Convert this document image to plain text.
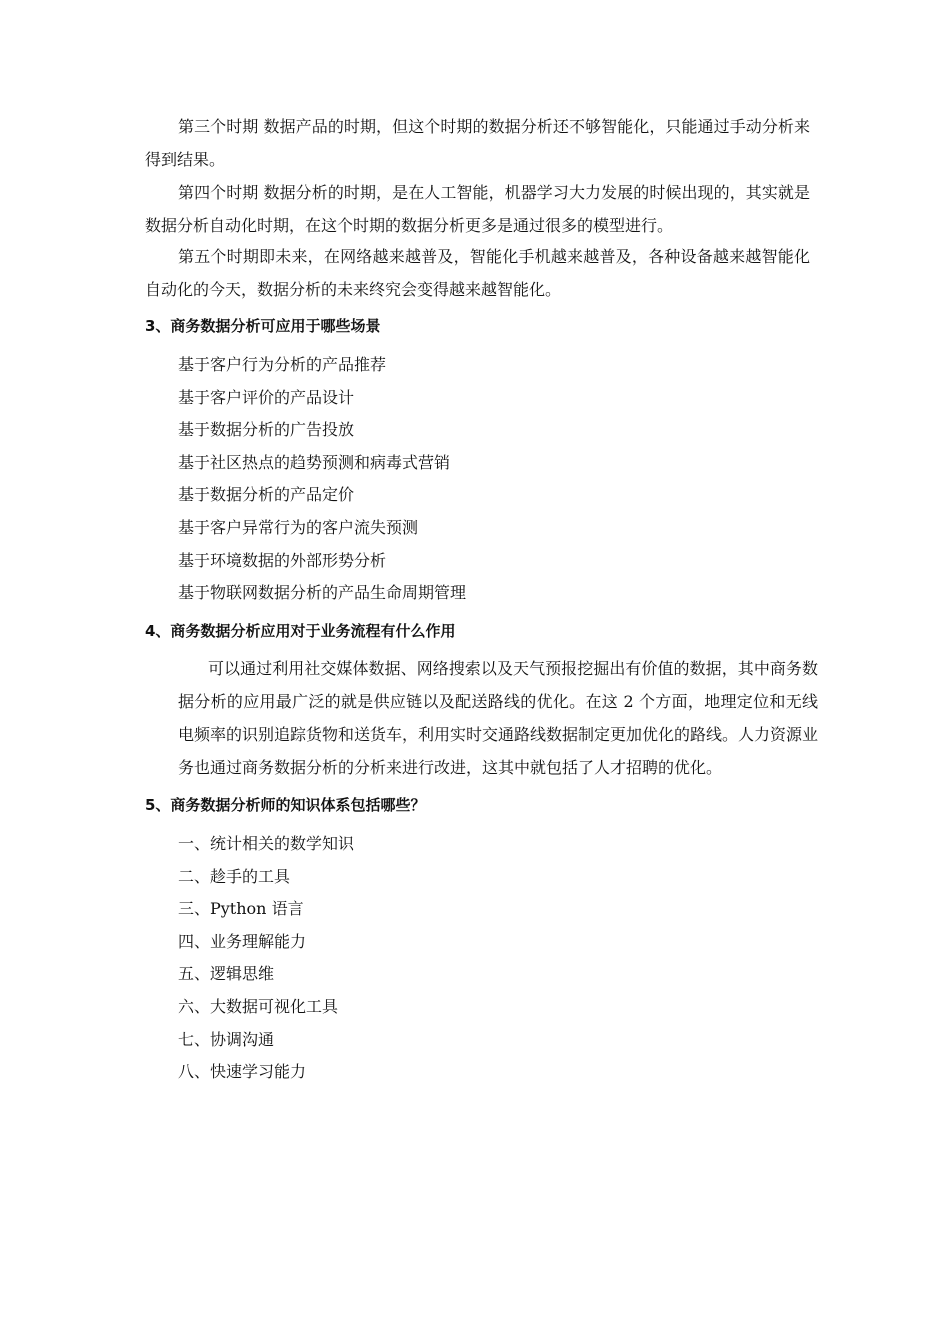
第三个时期 数据产品的时期，但这个时期的数据分析还不够智能化，只能通过手动分析来得到结果。

第四个时期 数据分析的时期，是在人工智能，机器学习大力发展的时候出现的，其实就是数据分析自动化时期，在这个时期的数据分析更多是通过很多的模型进行。

第五个时期即未来，在网络越来越普及，智能化手机越来越普及，各种设备越来越智能化自动化的今天，数据分析的未来终究会变得越来越智能化。

3、商务数据分析可应用于哪些场景
基于客户行为分析的产品推荐
基于客户评价的产品设计
基于数据分析的广告投放
基于社区热点的趋势预测和病毒式营销
基于数据分析的产品定价
基于客户异常行为的客户流失预测
基于环境数据的外部形势分析
基于物联网数据分析的产品生命周期管理
4、商务数据分析应用对于业务流程有什么作用

可以通过利用社交媒体数据、网络搜索以及天气预报挖掘出有价值的数据，其中商务数据分析的应用最广泛的就是供应链以及配送路线的优化。在这 2 个方面，地理定位和无线电频率的识别追踪货物和送货车，利用实时交通路线数据制定更加优化的路线。人力资源业务也通过商务数据分析的分析来进行改进，这其中就包括了人才招聘的优化。

5、商务数据分析师的知识体系包括哪些？
一、统计相关的数学知识
二、趁手的工具
三、Python 语言
四、业务理解能力
五、逻辑思维
六、大数据可视化工具
七、协调沟通
八、快速学习能力
